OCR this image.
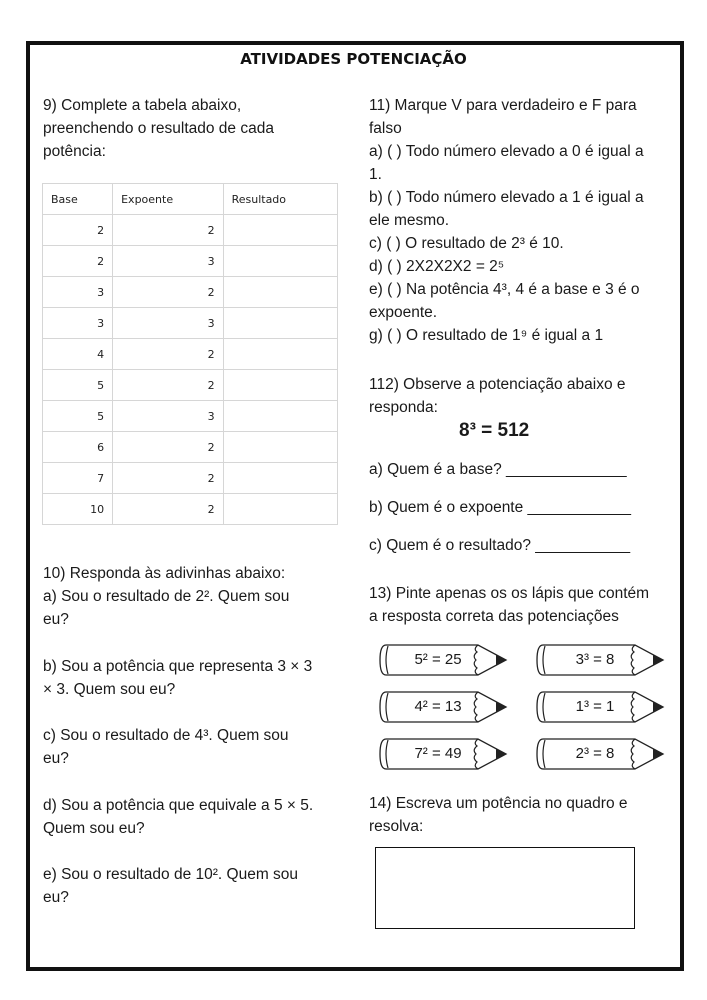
ATIVIDADES POTENCIAÇÃO
9) Complete a tabela abaixo,
preenchendo o resultado de cada
potência:
Base	Expoente	Resultado
2	2	
2	3	
3	2	
3	3	
4	2	
5	2	
5	3	
6	2	
7	2	
10	2	
10) Responda às adivinhas abaixo:
a) Sou o resultado de 2². Quem sou
eu?
b) Sou a potência que representa 3 × 3
× 3. Quem sou eu?
c) Sou o resultado de 4³. Quem sou
eu?
d) Sou a potência que equivale a 5 × 5.
Quem sou eu?
e) Sou o resultado de 10². Quem sou
eu?
11) Marque V para verdadeiro e F para
falso
a) ( ) Todo número elevado a 0 é igual a
1.
b) ( ) Todo número elevado a 1 é igual a
ele mesmo.
c) ( ) O resultado de 2³ é 10.
d) ( ) 2X2X2X2 = 2⁵
e) ( ) Na potência 4³, 4 é a base e 3 é o
expoente.
g) ( ) O resultado de 1⁹ é igual a 1
112) Observe a potenciação abaixo e
responda:
8³ = 512
a) Quem é a base? ______________
b) Quem é o expoente ____________
c) Quem é o resultado? ___________
13) Pinte apenas os os lápis que contém
a resposta correta das potenciações
5² = 25	3³ = 8
4² = 13	1³ = 1
7² = 49	2³ = 8
14) Escreva um potência no quadro e
resolva:
